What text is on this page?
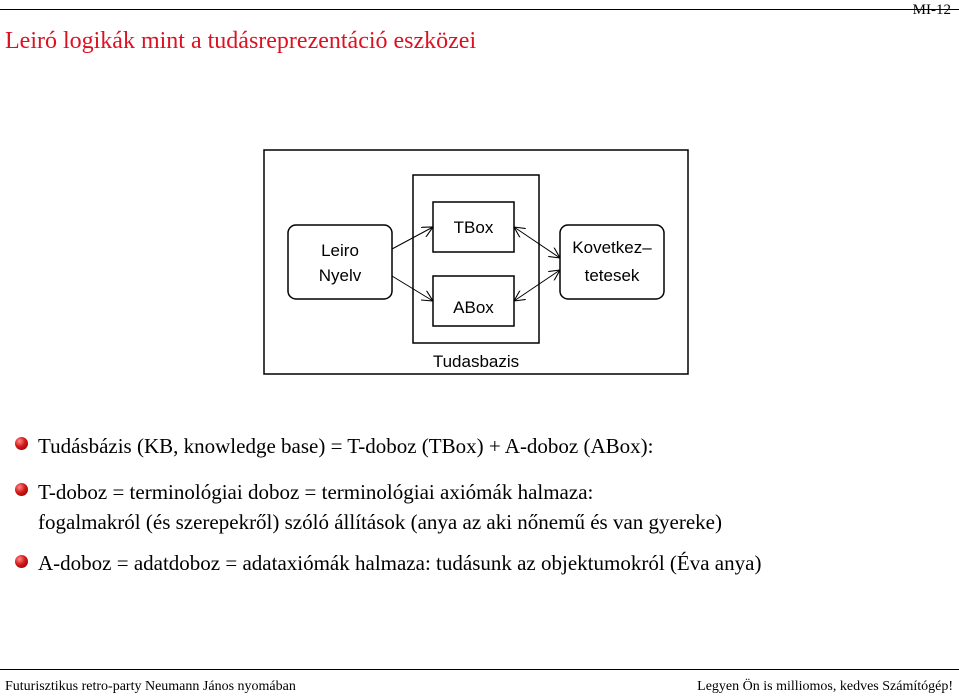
MI-12
Leiró logikák mint a tudásreprezentáció eszközei
Leiro
Nyelv
TBox
ABox
Kovetkez–
tetesek
Tudasbazis
Tudásbázis (KB, knowledge base) = T-doboz (TBox) + A-doboz (ABox):
T-doboz = terminológiai doboz = terminológiai axiómák halmaza:
fogalmakról (és szerepekről) szóló állítások (anya az aki nőnemű és van gyereke)
A-doboz = adatdoboz = adataxiómák halmaza: tudásunk az objektumokról (Éva anya)
Futurisztikus retro-party Neumann János nyomában	Legyen Ön is milliomos, kedves Számítógép!
